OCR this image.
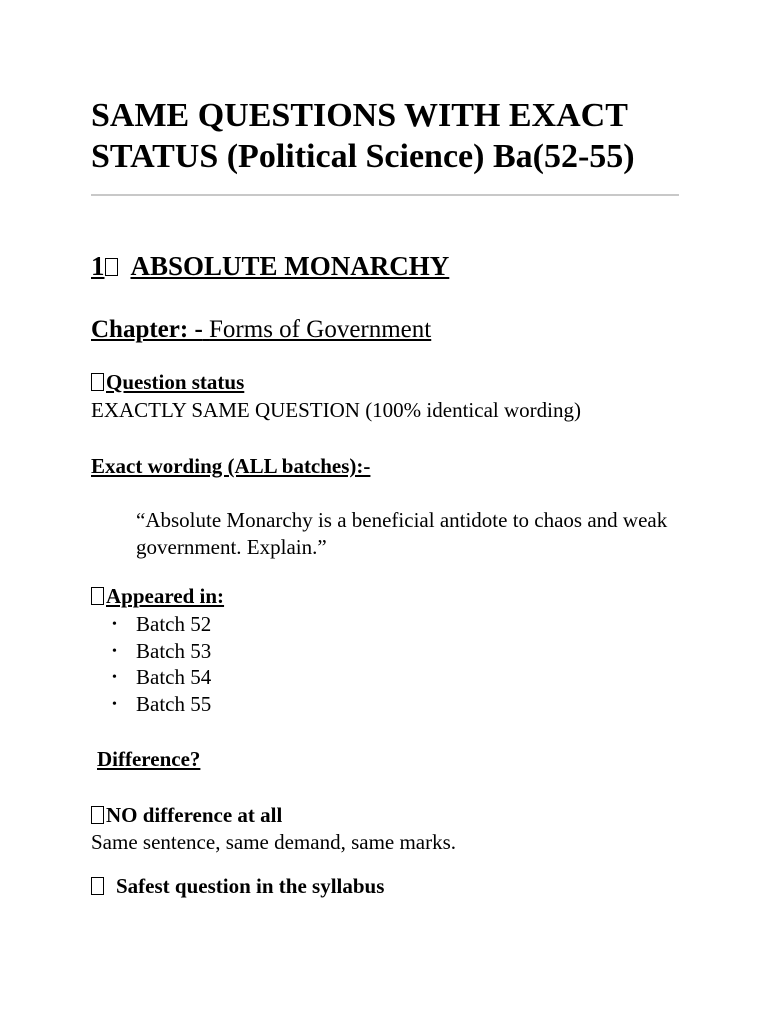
SAME QUESTIONS WITH EXACT
STATUS (Political Science) Ba(52-55)
1 ABSOLUTE MONARCHY
Chapter: - Forms of Government
Question status
EXACTLY SAME QUESTION (100% identical wording)
Exact wording (ALL batches):-
“Absolute Monarchy is a beneficial antidote to chaos and weak government. Explain.”
Appeared in:
• Batch 52
• Batch 53
• Batch 54
• Batch 55
Difference?
NO difference at all
Same sentence, same demand, same marks.
Safest question in the syllabus
